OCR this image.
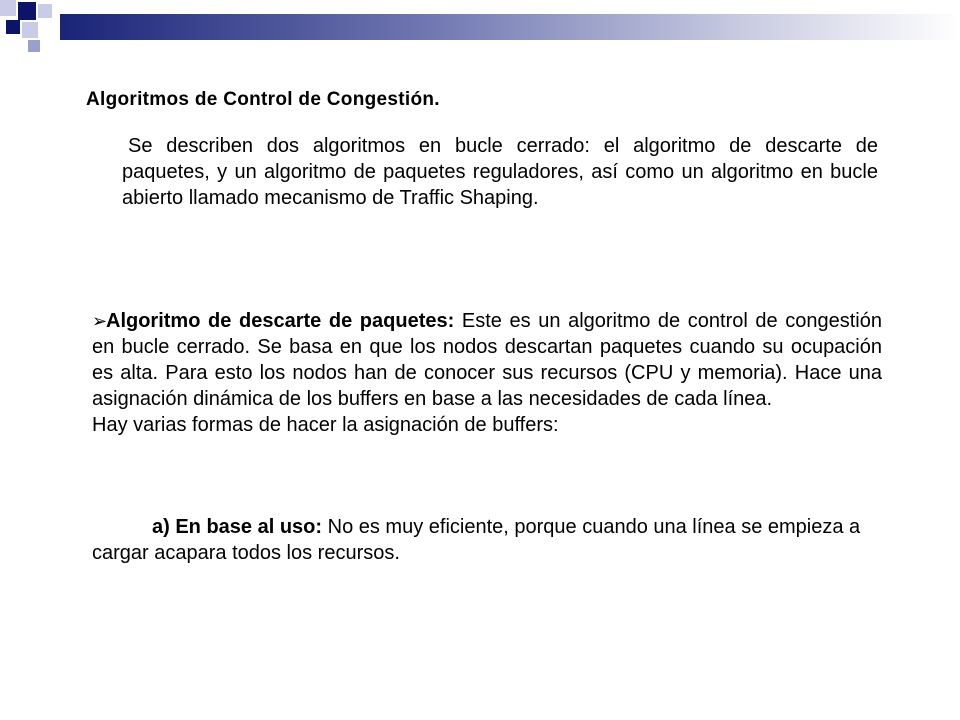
Algoritmos de Control de Congestión.
Se describen dos algoritmos en bucle cerrado: el algoritmo de descarte de paquetes, y un algoritmo de paquetes reguladores, así como un algoritmo en bucle abierto llamado mecanismo de Traffic Shaping.

➢Algoritmo de descarte de paquetes: Este es un algoritmo de control de congestión en bucle cerrado. Se basa en que los nodos descartan paquetes cuando su ocupación es alta. Para esto los nodos han de conocer sus recursos (CPU y memoria). Hace una asignación dinámica de los buffers en base a las necesidades de cada línea.

Hay varias formas de hacer la asignación de buffers:

a) En base al uso: No es muy eficiente, porque cuando una línea se empieza a cargar acapara todos los recursos.
